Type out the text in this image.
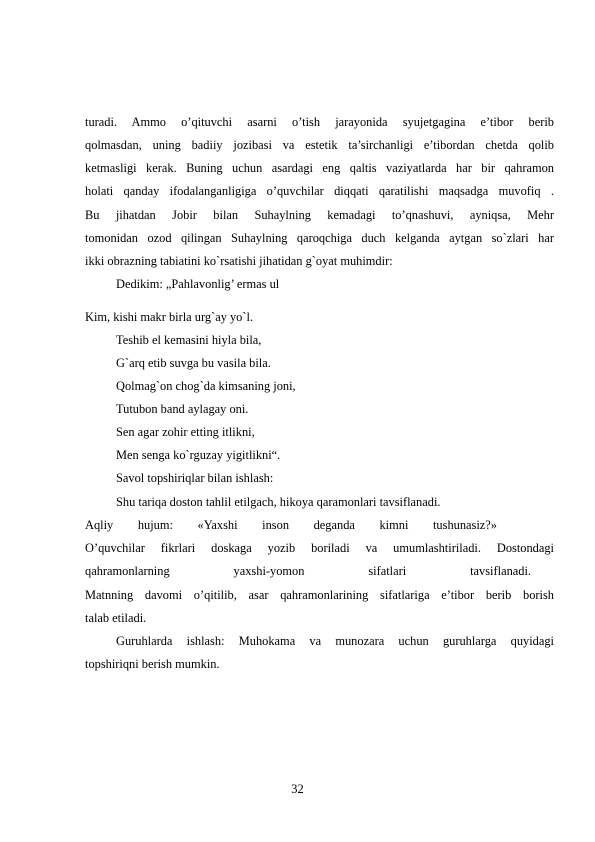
turadi. Ammo o’qituvchi asarni o’tish jarayonida syujetgagina e’tibor berib
qolmasdan, uning badiiy jozibasi va estetik ta’sirchanligi e’tibordan chetda qolib
ketmasligi kerak. Buning uchun asardagi eng qaltis vaziyatlarda har bir qahramon
holati qanday ifodalanganligiga o’quvchilar diqqati qaratilishi maqsadga muvofiq .
Bu jihatdan Jobir bilan Suhaylning kemadagi to’qnashuvi, ayniqsa, Mehr
tomonidan ozod qilingan Suhaylning qaroqchiga duch kelganda aytgan so`zlari har
ikki obrazning tabiatini ko`rsatishi jihatidan g`oyat muhimdir:
Dedikim: „Pahlavonlig’ ermas ul
Kim, kishi makr birla urg`ay yo`l.
Teshib el kemasini hiyla bila,
G`arq etib suvga bu vasila bila.
Qolmag`on chog`da kimsaning joni,
Tutubon band aylagay oni.
Sen agar zohir etting itlikni,
Men senga ko`rguzay yigitlikni“.
Savol topshiriqlar bilan ishlash:
Shu tariqa doston tahlil etilgach, hikoya qaramonlari tavsiflanadi.
Aqliy hujum: «Yaxshi inson deganda kimni tushunasiz?»
O’quvchilar fikrlari doskaga yozib boriladi va umumlashtiriladi. Dostondagi
qahramonlarning yaxshi-yomon sifatlari tavsiflanadi.
Matnning davomi o’qitilib, asar qahramonlarining sifatlariga e’tibor berib borish
talab etiladi.
Guruhlarda ishlash: Muhokama va munozara uchun guruhlarga quyidagi
topshiriqni berish mumkin.
32
